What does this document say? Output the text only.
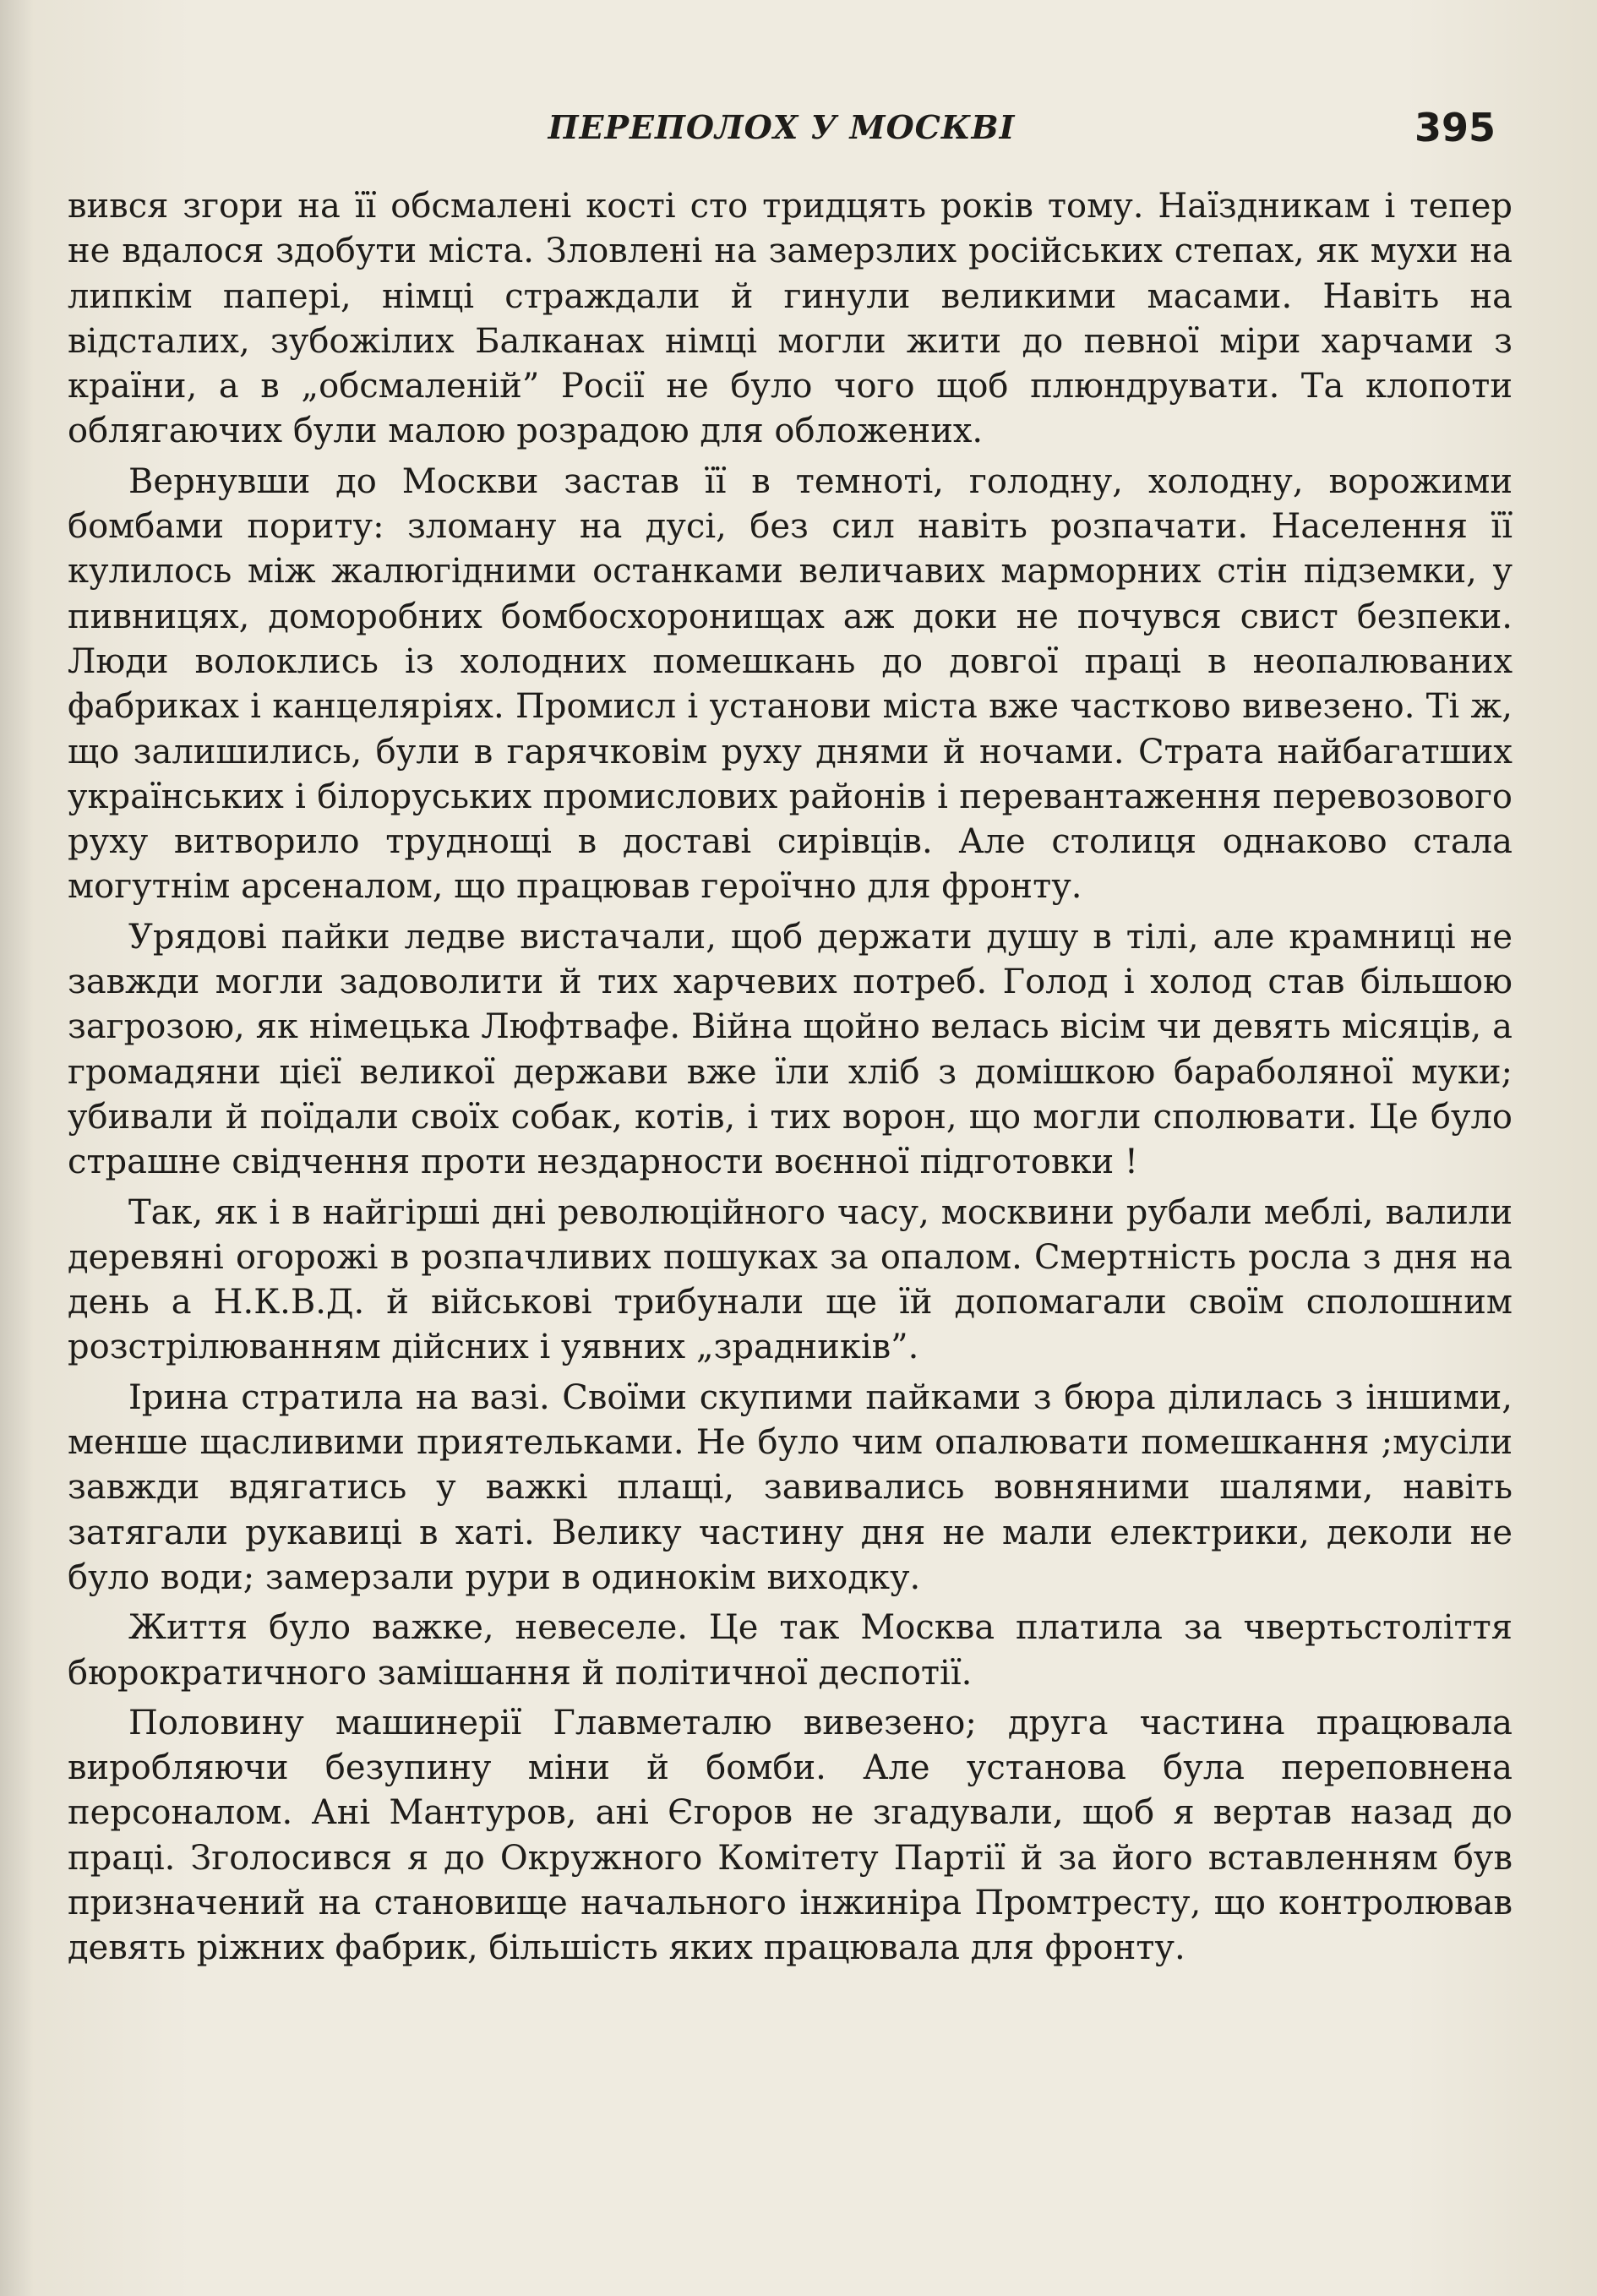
ПЕРЕПОЛОХ У МОСКВІ	395

вився згори на її обсмалені кості сто тридцять років тому. Наїздникам і тепер не вдалося здобути міста. Зловлені на замерзлих російських степах, як мухи на липкім папері, німці страждали й гинули великими масами. Навіть на відсталих, зубожілих Балканах німці могли жити до певної міри харчами з країни, а в „обсмаленій” Росії не було чого щоб плюндрувати. Та клопоти облягаючих були малою розрадою для обложених.

Вернувши до Москви застав її в темноті, голодну, холодну, ворожими бомбами пориту: зломану на дусі, без сил навіть розпачати. Населення її кулилось між жалюгідними останками величавих марморних стін підземки, у пивницях, доморобних бомбосхоронищах аж доки не почувся свист безпеки. Люди волоклись із холодних помешкань до довгої праці в неопалюваних фабриках і канцеляріях. Промисл і установи міста вже частково вивезено. Ті ж, що залишились, були в гарячковім руху днями й ночами. Страта найбагатших українських і білоруських промислових районів і перевантаження перевозового руху витворило труднощі в доставі сирівців. Але столиця однаково стала могутнім арсеналом, що працював героїчно для фронту.

Урядові пайки ледве вистачали, щоб держати душу в тілі, але крамниці не завжди могли задоволити й тих харчевих потреб. Голод і холод став більшою загрозою, як німецька Люфтвафе. Війна щойно велась вісім чи девять місяців, а громадяни цієї великої держави вже їли хліб з домішкою бараболяної муки; убивали й поїдали своїх собак, котів, і тих ворон, що могли сполювати. Це було страшне свідчення проти нездарности воєнної підготовки !

Так, як і в найгірші дні революційного часу, москвини рубали меблі, валили деревяні огорожі в розпачливих пошуках за опалом. Смертність росла з дня на день а Н.К.В.Д. й військові трибунали ще їй допомагали своїм сполошним розстрілюванням дійсних і уявних „зрадників”.

Ірина стратила на вазі. Своїми скупими пайками з бюра ділилась з іншими, менше щасливими приятельками. Не було чим опалювати помешкання ;мусіли завжди вдягатись у важкі плащі, завивались вовняними шалями, навіть затягали рукавиці в хаті. Велику частину дня не мали електрики, деколи не було води; замерзали рури в одинокім виходку.

Життя було важке, невеселе. Це так Москва платила за чвертьстоліття бюрократичного замішання й політичної деспотії.

Половину машинерії Главметалю вивезено; друга частина працювала виробляючи безупину міни й бомби. Але установа була переповнена персоналом. Ані Мантуров, ані Єгоров не згадували, щоб я вертав назад до праці. Зголосився я до Окружного Комітету Партії й за його вставленням був призначений на становище начального інжиніра Промтресту, що контролював девять ріжних фабрик, більшість яких працювала для фронту.
